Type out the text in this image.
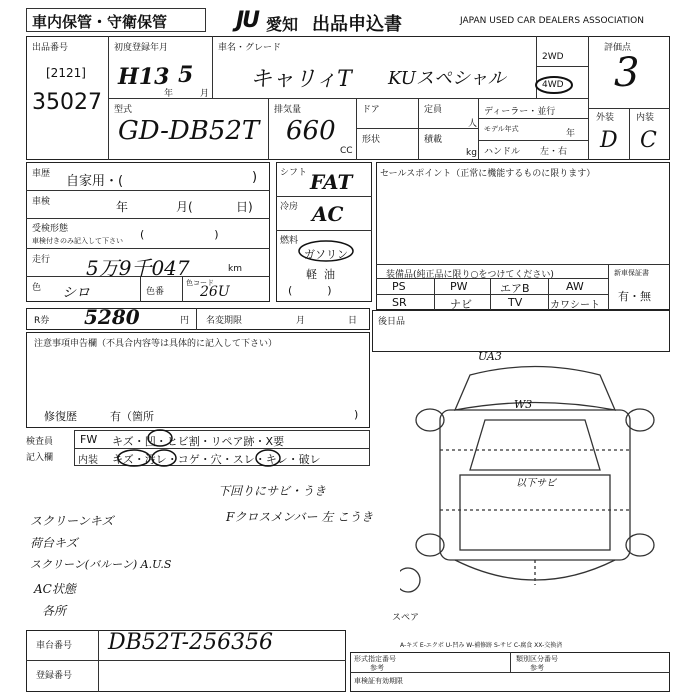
車内保管・守衛保管	JU 愛知 出品申込書	JAPAN USED CAR DEALERS ASSOCIATION
出品番号
[2121]
35027
初度登録年月
H13
年
5
月
車名・グレード
キャリィT KUスペシャル
2WD
4WD
評価点
3
外装 内装
D C
型式
GD-DB52T
排気量
660
CC
ドア
形状
定員
人
積載
kg
ディーラー・並行
モデル年式	年
ハンドル 左・右
車歴 自家用・(	)
車検	年	月(	日)
受検形態
車検付きのみ記入して下さい (                    )
走行 5万9千047	km
色 シロ	色番
色コード
26U
シフト FAT
冷房 AC
燃料
ガソリン
軽  油
(          )
セールスポイント（正常に機能するものに限ります）
装備品(純正品に限り○をつけてください)
PS	PW	エアB	AW
SR	ナビ	TV	カワシート
新車保証書
有・無
R券 5280	円 名変期限	月	日 後日品
注意事項申告欄（不具合内容等は具体的に記入して下さい）
修復歴	有（箇所	)
検査員
記入欄
FW キズ・凹・ヒビ割・リペア跡・X要
内装 キズ・汚レ・コゲ・穴・スレ・キレ・破レ
下回りにサビ・うき
Fクロスメンバー 左 こうき
スクリーンキズ
荷台キズ
スクリーン(バルーン) A.U.S
AC状態
各所
UA3
W3
以下サビ
スペア
A-キズ E-エクボ U-凹み W-補修跡 S-サビ C-腐食 XX-交換済
車台番号 DB52T-256356
登録番号
形式指定番号
参考
類別区分番号
参考
車検証有効期限
